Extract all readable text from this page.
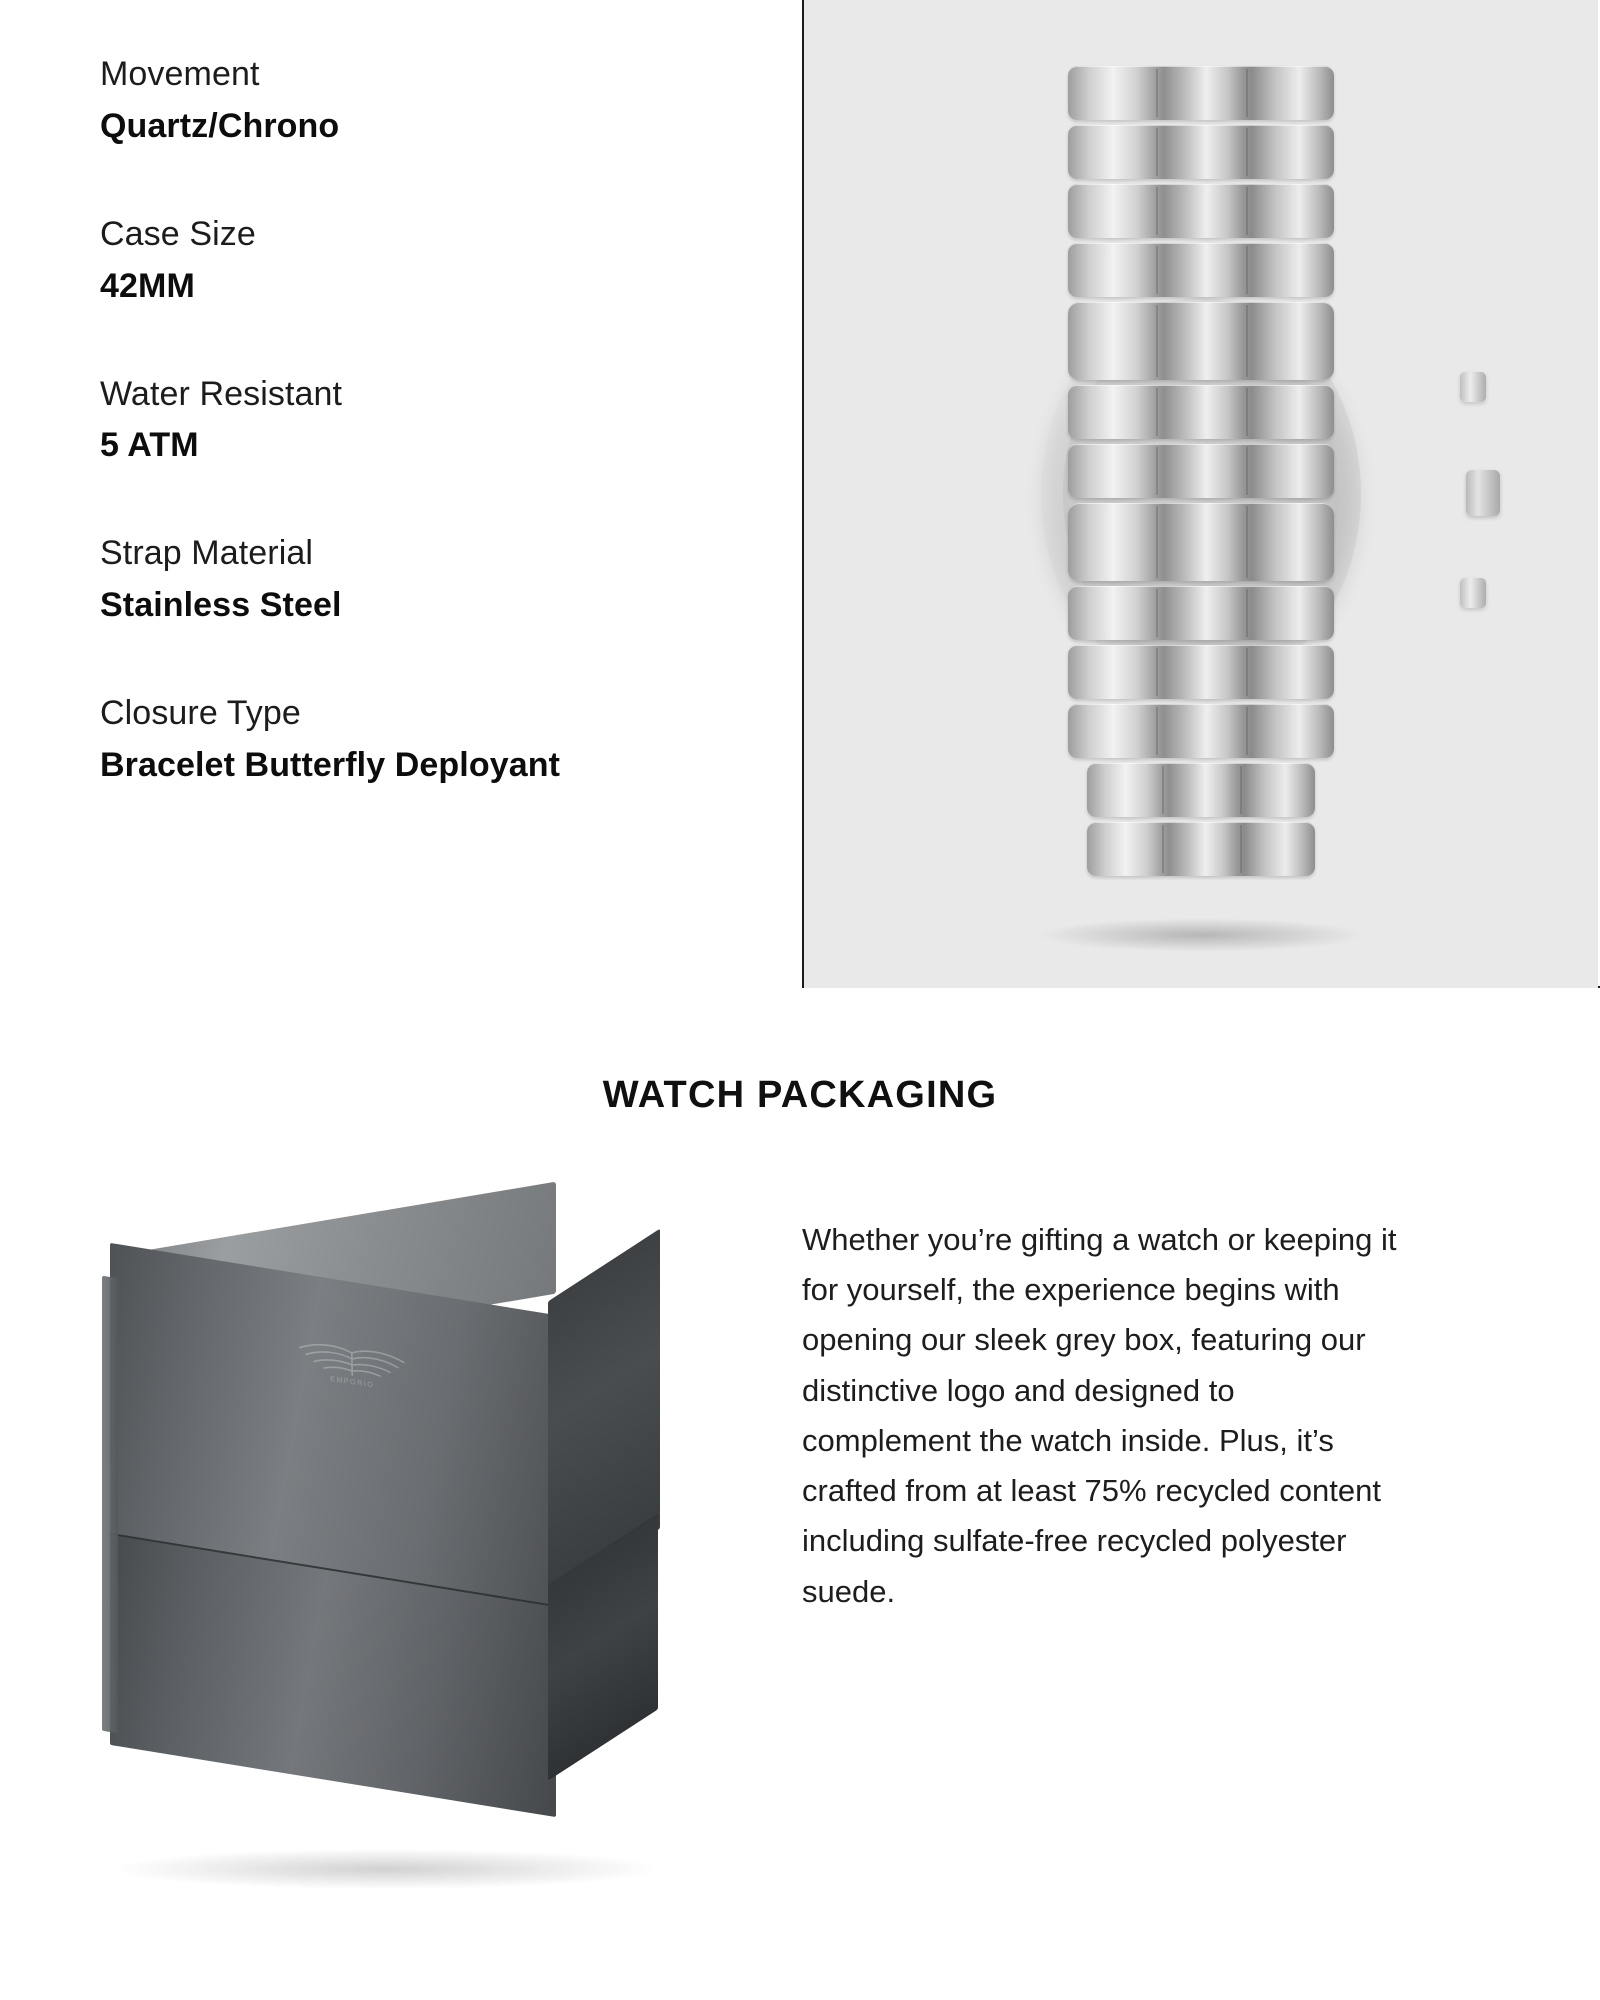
Movement
Quartz/Chrono
Case Size
42MM
Water Resistant
5 ATM
Strap Material
Stainless Steel
Closure Type
Bracelet Butterfly Deployant
WATCH PACKAGING
EMPORIO

Whether you’re gifting a watch or keeping it for yourself, the experience begins with opening our sleek grey box, featuring our distinctive logo and designed to complement the watch inside. Plus, it’s crafted from at least 75% recycled content including sulfate-free recycled polyester suede.
